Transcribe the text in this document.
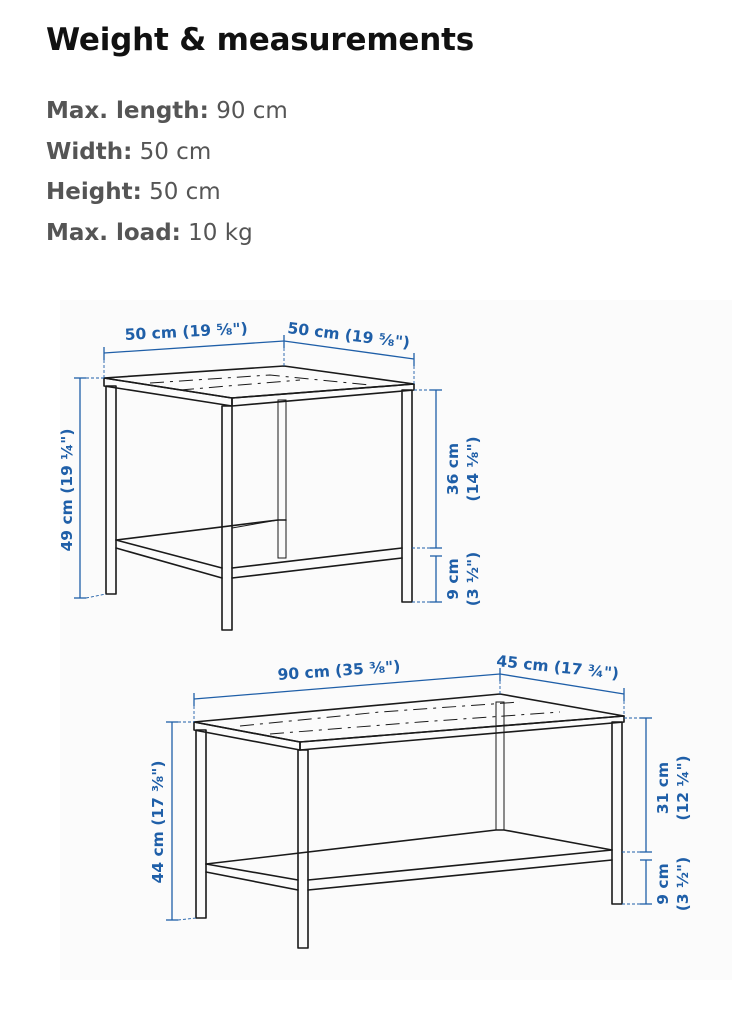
Weight & measurements
Max. length: 90 cm
Width: 50 cm
Height: 50 cm
Max. load: 10 kg
50 cm (19 ⁵⁄₈") 50 cm (19 ⁵⁄₈")
49 cm (19 ¼")	36 cm (14 ⅛")
9 cm (3 ½")
90 cm (35 ⅜")	45 cm (17 ¾")
44 cm (17 ⅜")	31 cm (12 ¼")
9 cm (3 ½")
